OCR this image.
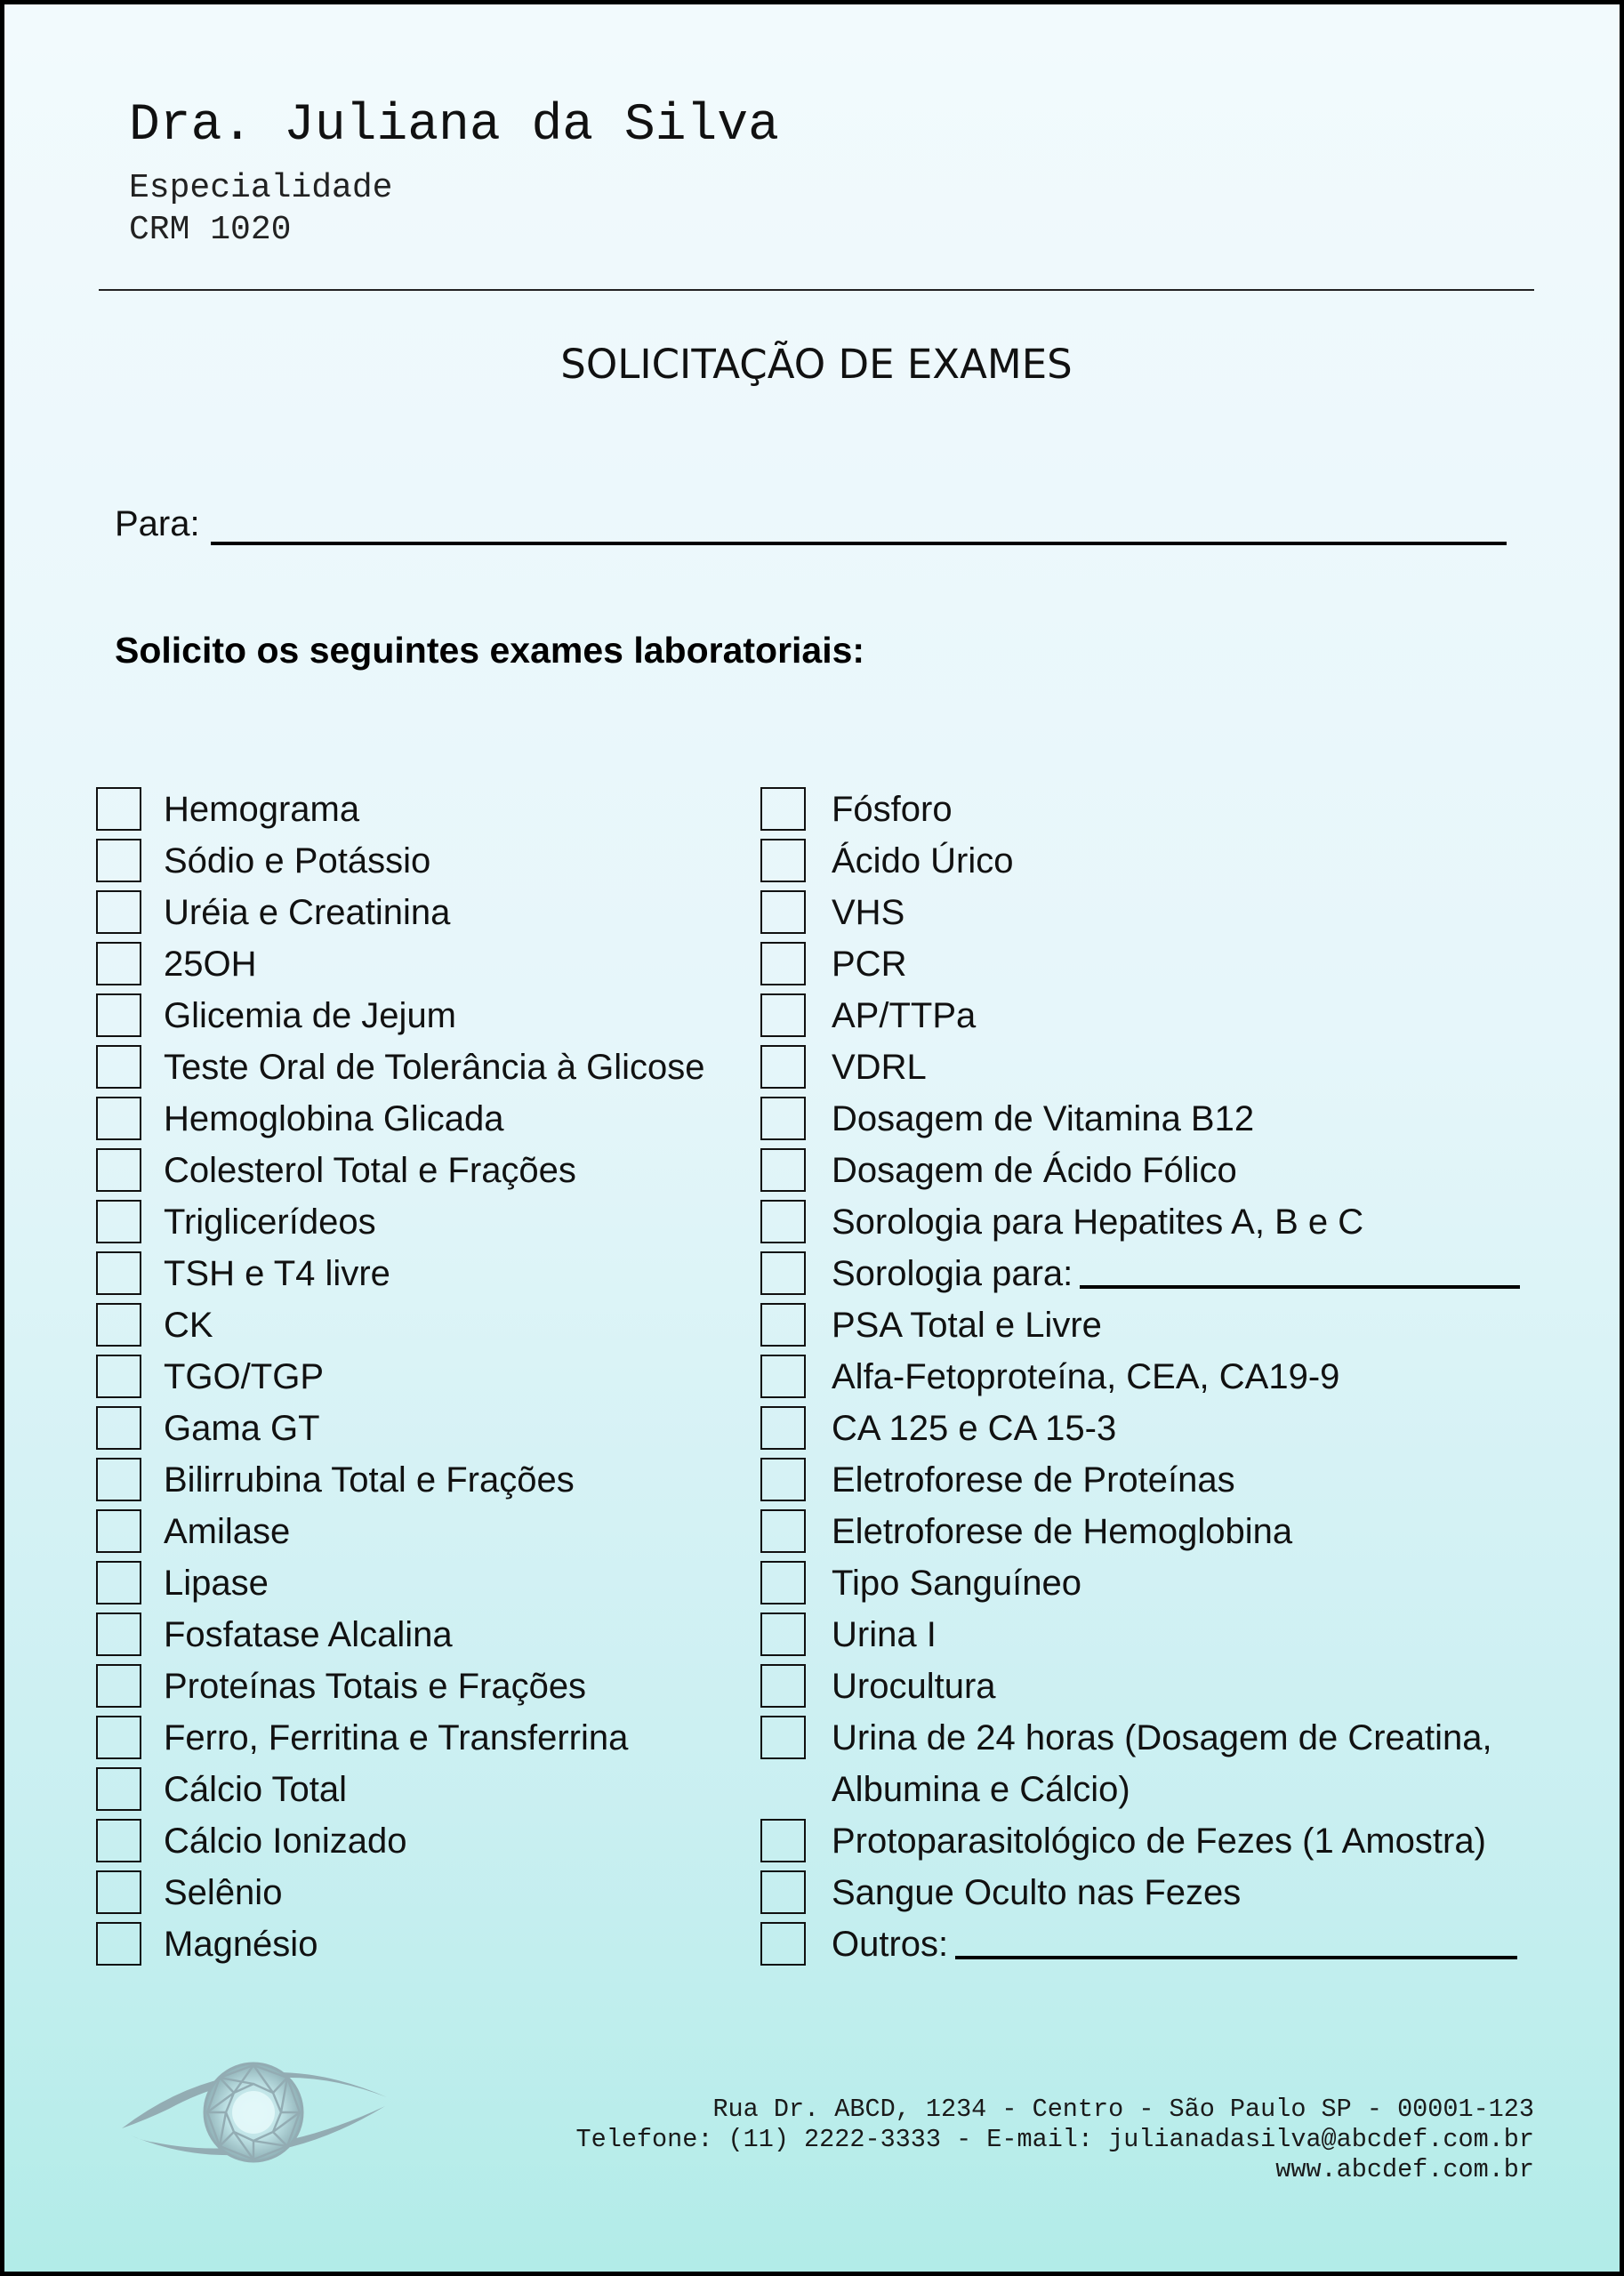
Dra. Juliana da Silva

Especialidade

CRM 1020

SOLICITAÇÃO DE EXAMES
Para:
Solicito os seguintes exames laboratoriais:
Hemograma
Sódio e Potássio
Uréia e Creatinina
25OH
Glicemia de Jejum
Teste Oral de Tolerância à Glicose
Hemoglobina Glicada
Colesterol Total e Frações
Triglicerídeos
TSH e T4 livre
CK
TGO/TGP
Gama GT
Bilirrubina Total e Frações
Amilase
Lipase
Fosfatase Alcalina
Proteínas Totais e Frações
Ferro, Ferritina e Transferrina
Cálcio Total
Cálcio Ionizado
Selênio
Magnésio
Fósforo
Ácido Úrico
VHS
PCR
AP/TTPa
VDRL
Dosagem de Vitamina B12
Dosagem de Ácido Fólico
Sorologia para Hepatites A, B e C
Sorologia para:
PSA Total e Livre
Alfa-Fetoproteína, CEA, CA19-9
CA 125 e CA 15-3
Eletroforese de Proteínas
Eletroforese de Hemoglobina
Tipo Sanguíneo
Urina I
Urocultura
Urina de 24 horas (Dosagem de Creatina, Albumina e Cálcio)
Protoparasitológico de Fezes (1 Amostra)
Sangue Oculto nas Fezes
Outros:

Rua Dr. ABCD, 1234 - Centro - São Paulo SP - 00001-123
Telefone: (11) 2222-3333 - E-mail: julianadasilva@abcdef.com.br
www.abcdef.com.br
